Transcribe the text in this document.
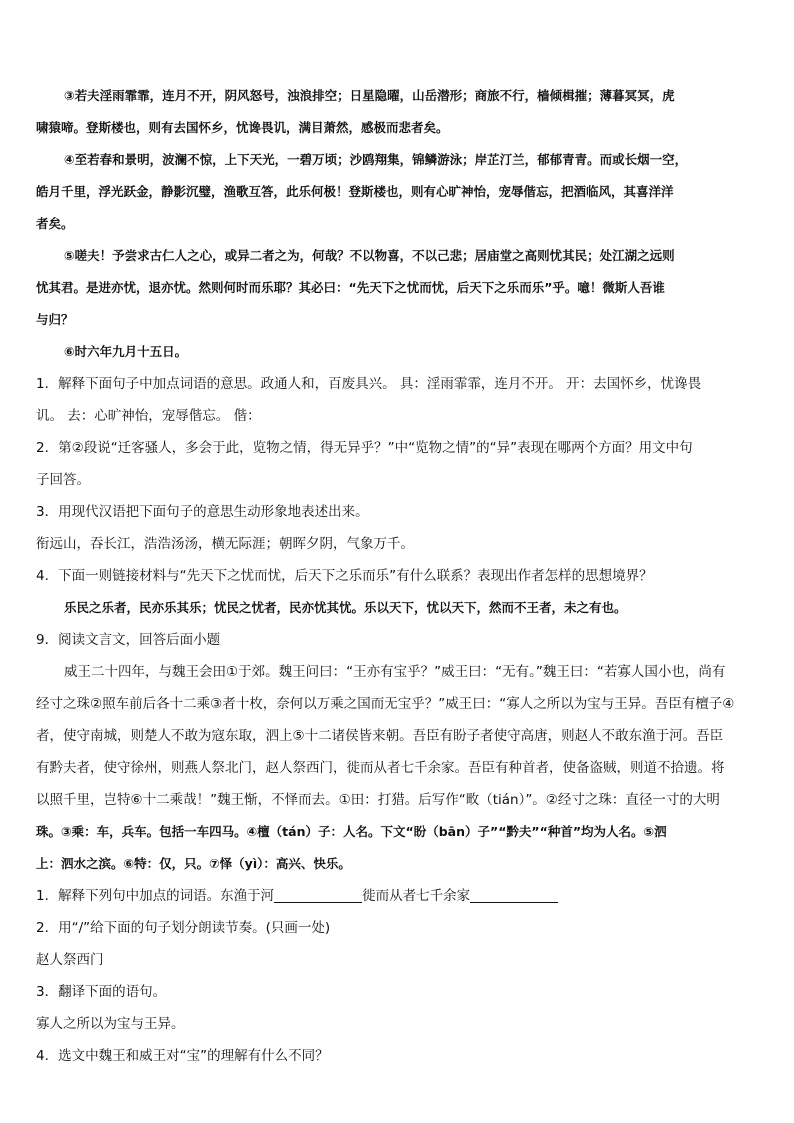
③若夫淫雨霏霏，连月不开，阴风怒号，浊浪排空；日星隐曜，山岳潜形；商旅不行，樯倾楫摧；薄暮冥冥，虎
啸猿啼。登斯楼也，则有去国怀乡，忧谗畏讥，满目萧然，感极而悲者矣。
④至若春和景明，波澜不惊，上下天光，一碧万顷；沙鸥翔集，锦鳞游泳；岸芷汀兰，郁郁青青。而或长烟一空，
皓月千里，浮光跃金，静影沉璧，渔歌互答，此乐何极！登斯楼也，则有心旷神怡，宠辱偕忘，把酒临风，其喜洋洋
者矣。
⑤嗟夫！予尝求古仁人之心，或异二者之为，何哉？不以物喜，不以己悲；居庙堂之高则忧其民；处江湖之远则
忧其君。是进亦忧，退亦忧。然则何时而乐耶？其必曰：“先天下之忧而忧，后天下之乐而乐”乎。噫！微斯人吾谁
与归？
⑥时六年九月十五日。
1．解释下面句子中加点词语的意思。政通人和，百废具兴。 具：淫雨霏霏，连月不开。 开：去国怀乡，忧谗畏
讥。 去：心旷神怡，宠辱偕忘。 偕：
2．第②段说“迁客骚人，多会于此，览物之情，得无异乎？”中“览物之情”的“异”表现在哪两个方面？用文中句
子回答。
3．用现代汉语把下面句子的意思生动形象地表述出来。
衔远山，吞长江，浩浩汤汤，横无际涯；朝晖夕阴，气象万千。
4．下面一则链接材料与“先天下之忧而忧，后天下之乐而乐”有什么联系？表现出作者怎样的思想境界？
乐民之乐者，民亦乐其乐；忧民之忧者，民亦忧其忧。乐以天下，忧以天下，然而不王者，未之有也。
9．阅读文言文，回答后面小题
威王二十四年，与魏王会田①于郊。魏王问曰：“王亦有宝乎？”威王曰：“无有。”魏王曰：“若寡人国小也，尚有
经寸之珠②照车前后各十二乘③者十枚，奈何以万乘之国而无宝乎？”威王曰：“寡人之所以为宝与王异。吾臣有檀子④
者，使守南城，则楚人不敢为寇东取，泗上⑤十二诸侯皆来朝。吾臣有盼子者使守高唐，则赵人不敢东渔于河。吾臣
有黔夫者，使守徐州，则燕人祭北门，赵人祭西门，徙而从者七千余家。吾臣有种首者，使备盗贼，则道不拾遗。将
以照千里，岂特⑥十二乘哉！”魏王惭，不怿而去。①田：打猎。后写作“畋（tián）”。②经寸之珠：直径一寸的大明
珠。③乘：车，兵车。包括一车四马。④檀（tán）子：人名。下文“盼（bān）子”“黔夫”“种首”均为人名。⑤泗
上：泗水之滨。⑥特：仅，只。⑦怿（yì）：高兴、快乐。
1．解释下列句中加点的词语。东渔于河	徙而从者七千余家
2．用“/”给下面的句子划分朗读节奏。(只画一处)
赵人祭西门
3．翻译下面的语句。
寡人之所以为宝与王异。
4．选文中魏王和威王对“宝”的理解有什么不同？
